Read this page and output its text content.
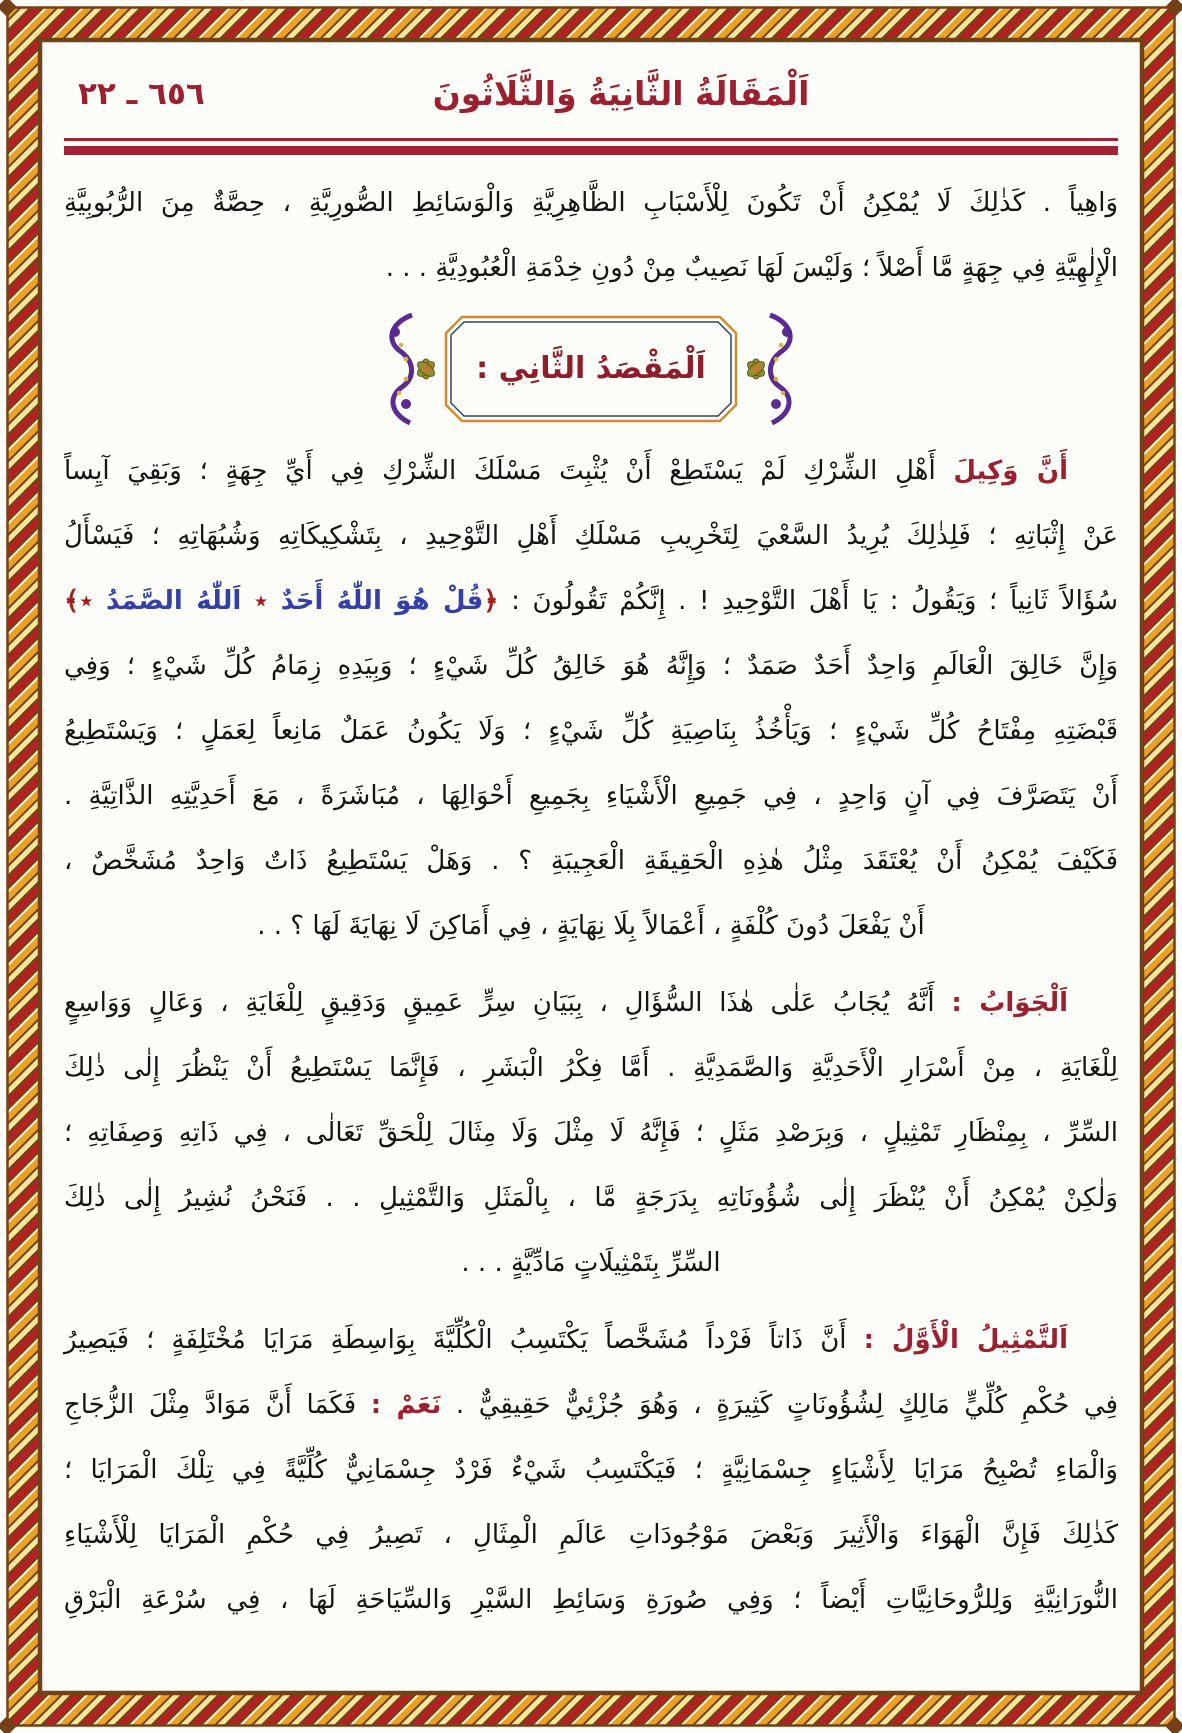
اَلْمَقَالَةُ الثَّانِيَةُ وَالثَّلَاثُونَ
٦٥٦ ـ ٢٢
وَاهِياً . كَذٰلِكَ لَا يُمْكِنُ أَنْ تَكُونَ لِلْأَسْبَابِ الظَّاهِرِيَّةِ وَالْوَسَائِطِ الصُّورِيَّةِ ، حِصَّةٌ مِنَ الرُّبُوبِيَّةِ
الْإِلٰهِيَّةِ فِي جِهَةٍ مَّا أَصْلاً ؛ وَلَيْسَ لَهَا نَصِيبٌ مِنْ دُونِ خِدْمَةِ الْعُبُودِيَّةِ . . .
اَلْمَقْصَدُ الثَّانِي :
أَنَّ وَكِيلَ أَهْلِ الشِّرْكِ لَمْ يَسْتَطِعْ أَنْ يُثْبِتَ مَسْلَكَ الشِّرْكِ فِي أَيِّ جِهَةٍ ؛ وَبَقِيَ آيِساً
عَنْ إِثْبَاتِهِ ؛ فَلِذٰلِكَ يُرِيدُ السَّعْيَ لِتَخْرِيبِ مَسْلَكِ أَهْلِ التَّوْحِيدِ ، بِتَشْكِيكَاتِهِ وَشُبُهَاتِهِ ؛ فَيَسْأَلُ
سُؤَالاً ثَانِياً ؛ وَيَقُولُ : يَا أَهْلَ التَّوْحِيدِ ! . إِنَّكُمْ تَقُولُونَ : ﴿قُلْ هُوَ اللّٰهُ أَحَدٌ ٭ اَللّٰهُ الصَّمَدُ ٭﴾
وَإِنَّ خَالِقَ الْعَالَمِ وَاحِدٌ أَحَدٌ صَمَدٌ ؛ وَإِنَّهُ هُوَ خَالِقُ كُلِّ شَيْءٍ ؛ وَبِيَدِهِ زِمَامُ كُلِّ شَيْءٍ ؛ وَفِي
قَبْضَتِهِ مِفْتَاحُ كُلِّ شَيْءٍ ؛ وَيَأْخُذُ بِنَاصِيَةِ كُلِّ شَيْءٍ ؛ وَلَا يَكُونُ عَمَلٌ مَانِعاً لِعَمَلٍ ؛ وَيَسْتَطِيعُ
أَنْ يَتَصَرَّفَ فِي آنٍ وَاحِدٍ ، فِي جَمِيعِ الْأَشْيَاءِ بِجَمِيعِ أَحْوَالِهَا ، مُبَاشَرَةً ، مَعَ أَحَدِيَّتِهِ الذَّاتِيَّةِ .
فَكَيْفَ يُمْكِنُ أَنْ يُعْتَقَدَ مِثْلُ هٰذِهِ الْحَقِيقَةِ الْعَجِيبَةِ ؟ . وَهَلْ يَسْتَطِيعُ ذَاتٌ وَاحِدٌ مُشَخَّصٌ ،
أَنْ يَفْعَلَ دُونَ كُلْفَةٍ ، أَعْمَالاً بِلَا نِهَايَةٍ ، فِي أَمَاكِنَ لَا نِهَايَةَ لَهَا ؟ . .
اَلْجَوَابُ : أَنَّهُ يُجَابُ عَلٰى هٰذَا السُّؤَالِ ، بِبَيَانِ سِرٍّ عَمِيقٍ وَدَقِيقٍ لِلْغَايَةِ ، وَعَالٍ وَوَاسِعٍ
لِلْغَايَةِ ، مِنْ أَسْرَارِ الْأَحَدِيَّةِ وَالصَّمَدِيَّةِ . أَمَّا فِكْرُ الْبَشَرِ ، فَإِنَّمَا يَسْتَطِيعُ أَنْ يَنْظُرَ إِلٰى ذٰلِكَ
السِّرِّ ، بِمِنْظَارِ تَمْثِيلٍ ، وَبِرَصْدِ مَثَلٍ ؛ فَإِنَّهُ لَا مِثْلَ وَلَا مِثَالَ لِلْحَقِّ تَعَالٰى ، فِي ذَاتِهِ وَصِفَاتِهِ ؛
وَلٰكِنْ يُمْكِنُ أَنْ يُنْظَرَ إِلٰى شُؤُونَاتِهِ بِدَرَجَةٍ مَّا ، بِالْمَثَلِ وَالتَّمْثِيلِ . . فَنَحْنُ نُشِيرُ إِلٰى ذٰلِكَ
السِّرِّ بِتَمْثِيلَاتٍ مَادِّيَّةٍ . . .
اَلتَّمْثِيلُ الْأَوَّلُ : أَنَّ ذَاتاً فَرْداً مُشَخَّصاً يَكْتَسِبُ الْكُلِّيَّةَ بِوَاسِطَةِ مَرَايَا مُخْتَلِفَةٍ ؛ فَيَصِيرُ
فِي حُكْمِ كُلِّيٍّ مَالِكٍ لِشُؤُونَاتٍ كَثِيرَةٍ ، وَهُوَ جُزْئِيٌّ حَقِيقِيٌّ . نَعَمْ : فَكَمَا أَنَّ مَوَادَّ مِثْلَ الزُّجَاجِ
وَالْمَاءِ تُصْبِحُ مَرَايَا لِأَشْيَاءٍ جِسْمَانِيَّةٍ ؛ فَيَكْتَسِبُ شَيْءٌ فَرْدٌ جِسْمَانِيٌّ كُلِّيَّةً فِي تِلْكَ الْمَرَايَا ؛
كَذٰلِكَ فَإِنَّ الْهَوَاءَ وَالْأَثِيرَ وَبَعْضَ مَوْجُودَاتِ عَالَمِ الْمِثَالِ ، تَصِيرُ فِي حُكْمِ الْمَرَايَا لِلْأَشْيَاءِ
النُّورَانِيَّةِ وَلِلرُّوحَانِيَّاتِ أَيْضاً ؛ وَفِي صُورَةِ وَسَائِطِ السَّيْرِ وَالسِّيَاحَةِ لَهَا ، فِي سُرْعَةِ الْبَرْقِ
